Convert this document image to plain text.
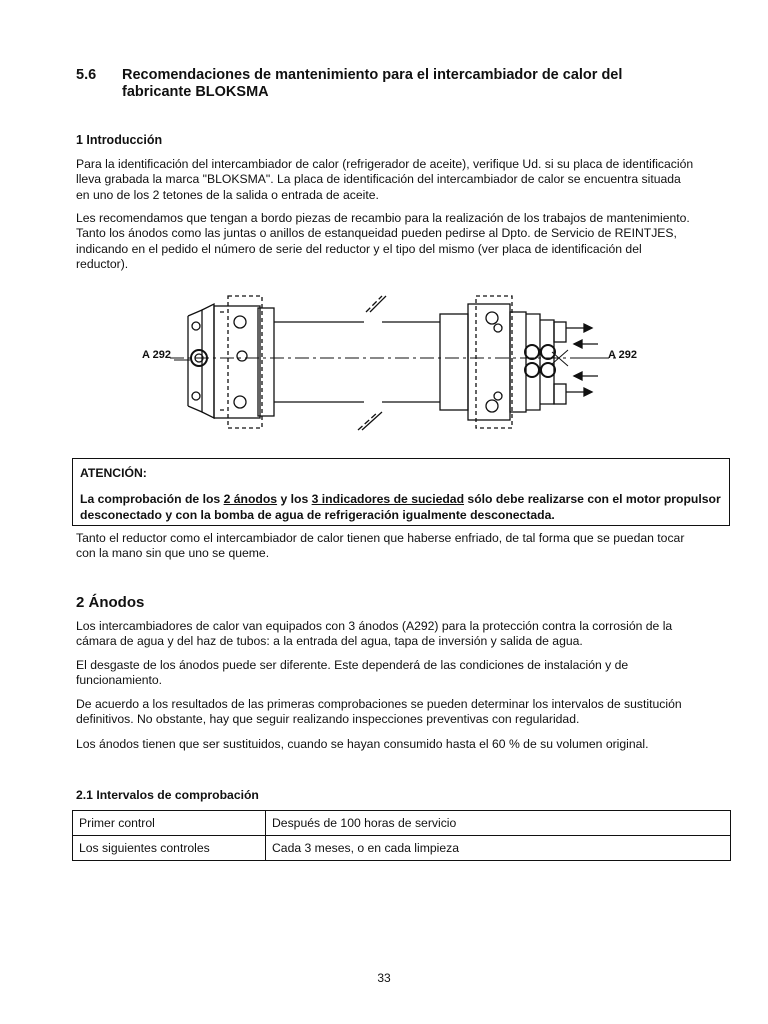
5.6 Recomendaciones de mantenimiento para el intercambiador de calor del fabricante BLOKSMA
1 Introducción
Para la identificación del intercambiador de calor (refrigerador de aceite), verifique Ud. si su placa de identificación lleva grabada la marca "BLOKSMA". La placa de identificación del intercambiador de calor se encuentra situada en uno de los 2 tetones de la salida o entrada de aceite.
Les recomendamos que tengan a bordo piezas de recambio para la realización de los trabajos de mantenimiento. Tanto los ánodos como las juntas o anillos de estanqueidad pueden pedirse al Dpto. de Servicio de REINTJES, indicando en el pedido el número de serie del reductor y el tipo del mismo (ver placa de identificación del reductor).
A 292	A 292
ATENCIÓN:
La comprobación de los 2 ánodos y los 3 indicadores de suciedad sólo debe realizarse con el motor propulsor desconectado y con la bomba de agua de refrigeración igualmente desconectada.
Tanto el reductor como el intercambiador de calor tienen que haberse enfriado, de tal forma que se puedan tocar con la mano sin que uno se queme.
2 Ánodos
Los intercambiadores de calor van equipados con 3 ánodos (A292) para la protección contra la corrosión de la cámara de agua y del haz de tubos: a la entrada del agua, tapa de inversión y salida de agua.
El desgaste de los ánodos puede ser diferente. Este dependerá de las condiciones de instalación y de funcionamiento.
De acuerdo a los resultados de las primeras comprobaciones se pueden determinar los intervalos de sustitución definitivos. No obstante, hay que seguir realizando inspecciones preventivas con regularidad.
Los ánodos tienen que ser sustituidos, cuando se hayan consumido hasta el 60 % de su volumen original.
2.1 Intervalos de comprobación
Primer control	Después de 100 horas de servicio
Los siguientes controles	Cada 3 meses, o en cada limpieza
33
